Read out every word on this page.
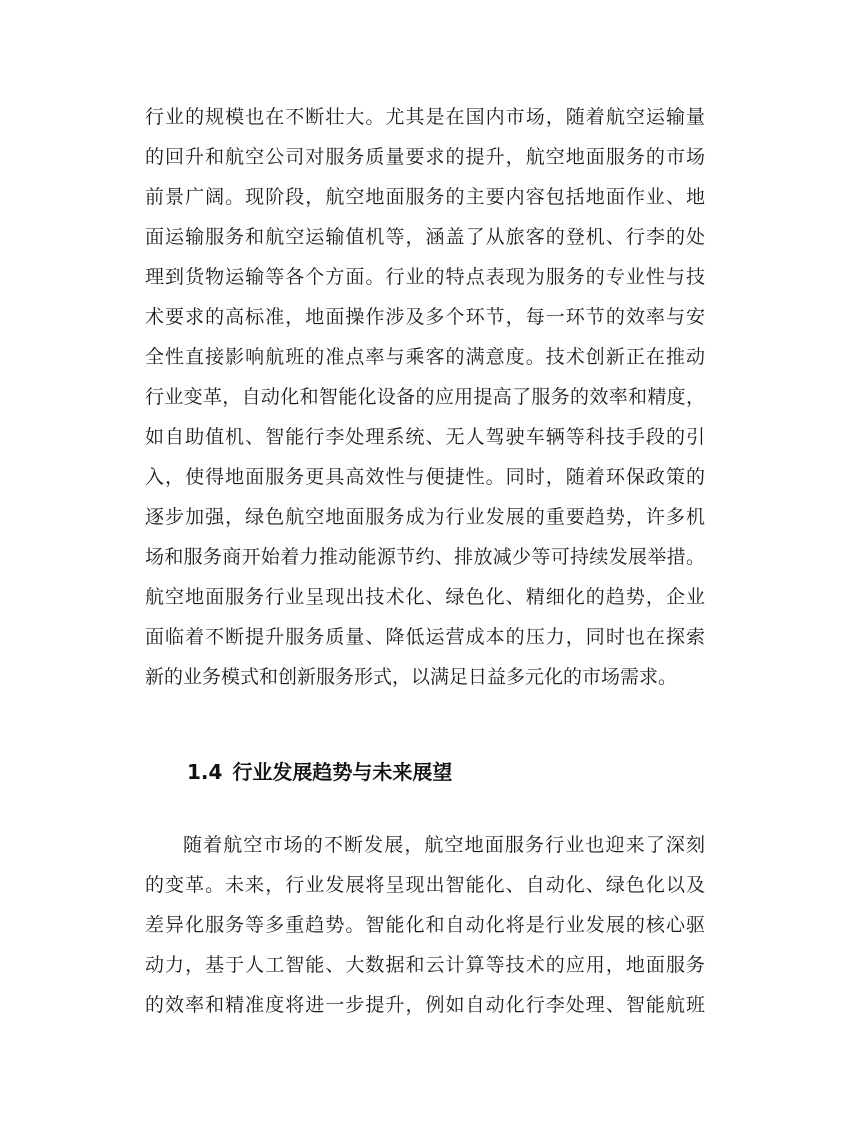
行业的规模也在不断壮大。尤其是在国内市场，随着航空运输量
的回升和航空公司对服务质量要求的提升，航空地面服务的市场
前景广阔。现阶段，航空地面服务的主要内容包括地面作业、地
面运输服务和航空运输值机等，涵盖了从旅客的登机、行李的处
理到货物运输等各个方面。行业的特点表现为服务的专业性与技
术要求的高标准，地面操作涉及多个环节，每一环节的效率与安
全性直接影响航班的准点率与乘客的满意度。技术创新正在推动
行业变革，自动化和智能化设备的应用提高了服务的效率和精度，
如自助值机、智能行李处理系统、无人驾驶车辆等科技手段的引
入，使得地面服务更具高效性与便捷性。同时，随着环保政策的
逐步加强，绿色航空地面服务成为行业发展的重要趋势，许多机
场和服务商开始着力推动能源节约、排放减少等可持续发展举措。
航空地面服务行业呈现出技术化、绿色化、精细化的趋势，企业
面临着不断提升服务质量、降低运营成本的压力，同时也在探索
新的业务模式和创新服务形式，以满足日益多元化的市场需求。
1.4 行业发展趋势与未来展望
随着航空市场的不断发展，航空地面服务行业也迎来了深刻
的变革。未来，行业发展将呈现出智能化、自动化、绿色化以及
差异化服务等多重趋势。智能化和自动化将是行业发展的核心驱
动力，基于人工智能、大数据和云计算等技术的应用，地面服务
的效率和精准度将进一步提升，例如自动化行李处理、智能航班
